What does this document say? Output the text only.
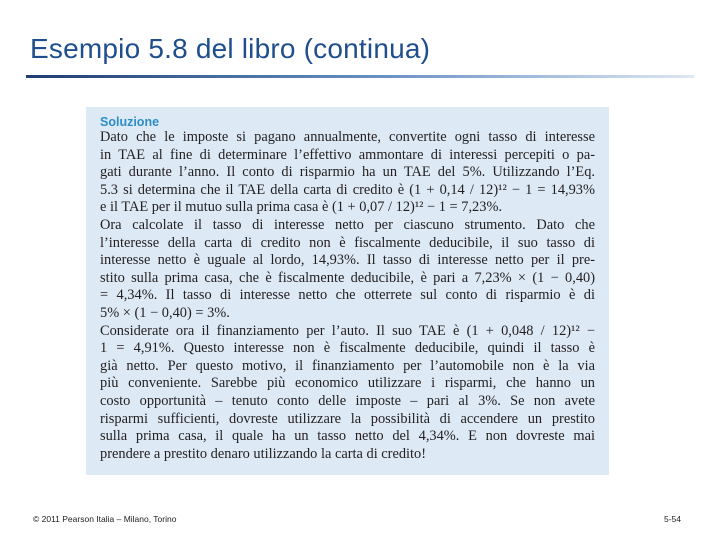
Esempio 5.8 del libro (continua)
Soluzione
Dato che le imposte si pagano annualmente, convertite ogni tasso di interesse
in TAE al fine di determinare l’effettivo ammontare di interessi percepiti o pa-
gati durante l’anno. Il conto di risparmio ha un TAE del 5%. Utilizzando l’Eq.
5.3 si determina che il TAE della carta di credito è (1 + 0,14 / 12)¹² − 1 = 14,93%
e il TAE per il mutuo sulla prima casa è (1 + 0,07 / 12)¹² − 1 = 7,23%.
Ora calcolate il tasso di interesse netto per ciascuno strumento. Dato che
l’interesse della carta di credito non è fiscalmente deducibile, il suo tasso di
interesse netto è uguale al lordo, 14,93%. Il tasso di interesse netto per il pre-
stito sulla prima casa, che è fiscalmente deducibile, è pari a 7,23% × (1 − 0,40)
= 4,34%. Il tasso di interesse netto che otterrete sul conto di risparmio è di
5% × (1 − 0,40) = 3%.
Considerate ora il finanziamento per l’auto. Il suo TAE è (1 + 0,048 / 12)¹² −
1 = 4,91%. Questo interesse non è fiscalmente deducibile, quindi il tasso è
già netto. Per questo motivo, il finanziamento per l’automobile non è la via
più conveniente. Sarebbe più economico utilizzare i risparmi, che hanno un
costo opportunità – tenuto conto delle imposte – pari al 3%. Se non avete
risparmi sufficienti, dovreste utilizzare la possibilità di accendere un prestito
sulla prima casa, il quale ha un tasso netto del 4,34%. E non dovreste mai
prendere a prestito denaro utilizzando la carta di credito!
© 2011 Pearson Italia – Milano, Torino	5-54
